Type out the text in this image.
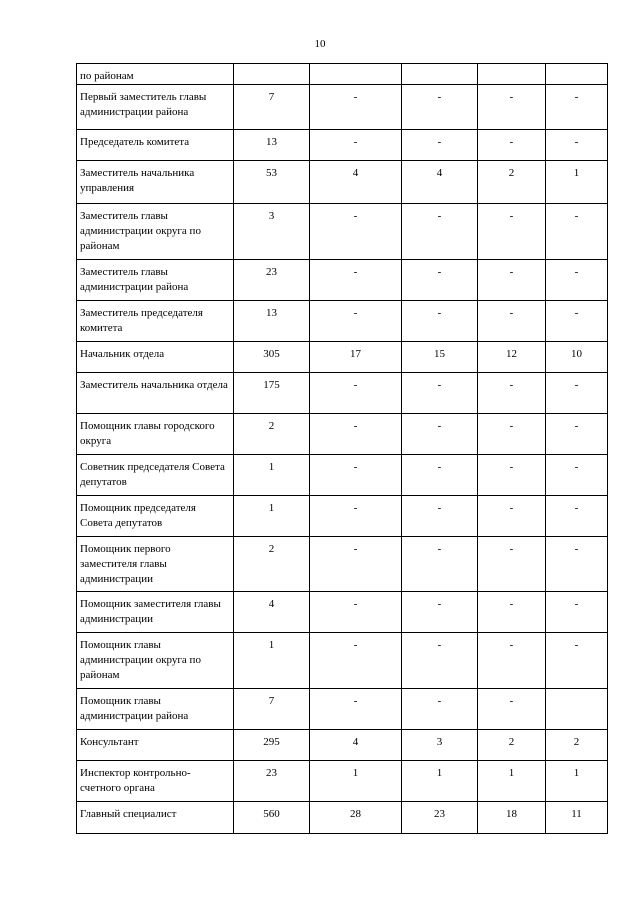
10
по районам					
Первый заместитель главы администрации района	7	-	-	-	-
Председатель комитета	13	-	-	-	-
Заместитель начальника управления	53	4	4	2	1
Заместитель главы администрации округа по районам	3	-	-	-	-
Заместитель главы администрации района	23	-	-	-	-
Заместитель председателя комитета	13	-	-	-	-
Начальник отдела	305	17	15	12	10
Заместитель начальника отдела	175	-	-	-	-
Помощник главы городского округа	2	-	-	-	-
Советник председателя Совета депутатов	1	-	-	-	-
Помощник председателя Совета депутатов	1	-	-	-	-
Помощник первого заместителя главы администрации	2	-	-	-	-
Помощник заместителя главы администрации	4	-	-	-	-
Помощник главы администрации округа по районам	1	-	-	-	-
Помощник главы администрации района	7	-	-	-	
Консультант	295	4	3	2	2
Инспектор контрольно-счетного органа	23	1	1	1	1
Главный специалист	560	28	23	18	11
